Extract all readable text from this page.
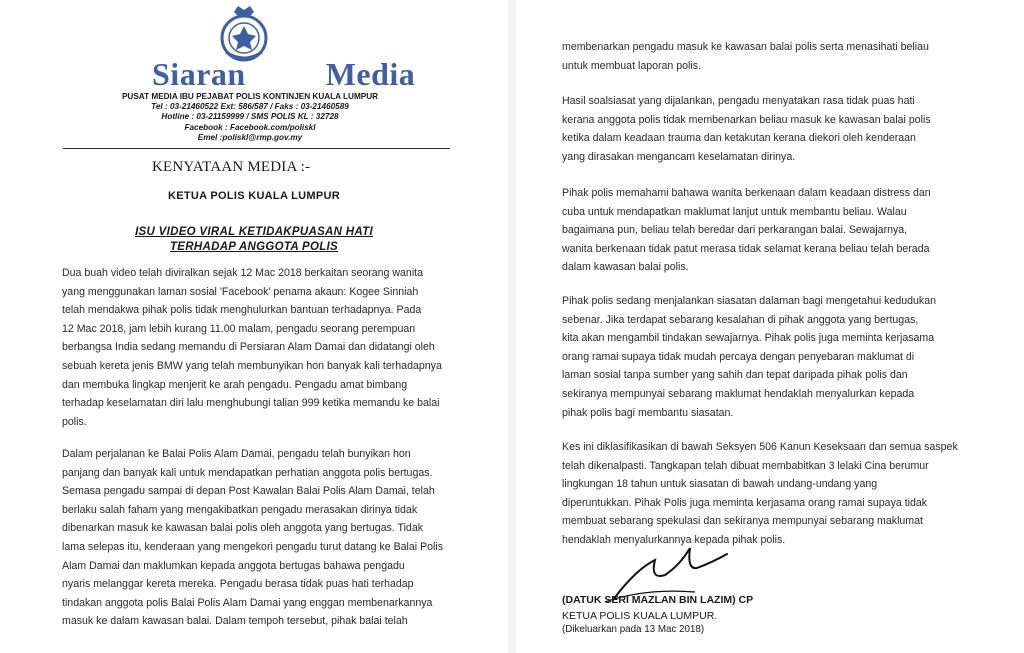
Siaran	Media
PUSAT MEDIA IBU PEJABAT POLIS KONTINJEN KUALA LUMPUR
Tel : 03-21460522 Ext: 586/587 / Faks : 03-21460589
Hotline : 03-21159999 / SMS POLIS KL : 32728
Facebook : Facebook.com/poliskl
Emel :poliskl@rmp.gov.my
KENYATAAN MEDIA :-
KETUA POLIS KUALA LUMPUR
ISU VIDEO VIRAL KETIDAKPUASAN HATI
TERHADAP ANGGOTA POLIS
Dua buah video telah diviralkan sejak 12 Mac 2018 berkaitan seorang wanita
yang menggunakan laman sosial 'Facebook' penama akaun: Kogee Sinniah
telah mendakwa pihak polis tidak menghulurkan bantuan terhadapnya. Pada
12 Mac 2018, jam lebih kurang 11.00 malam, pengadu seorang perempuan
berbangsa India sedang memandu di Persiaran Alam Damai dan didatangi oleh
sebuah kereta jenis BMW yang telah membunyikan hon banyak kali terhadapnya
dan membuka lingkap menjerit ke arah pengadu. Pengadu amat bimbang
terhadap keselamatan diri lalu menghubungi talian 999 ketika memandu ke balai
polis.
Dalam perjalanan ke Balai Polis Alam Damai, pengadu telah bunyikan hon
panjang dan banyak kali untuk mendapatkan perhatian anggota polis bertugas.
Semasa pengadu sampai di depan Post Kawalan Balai Polis Alam Damai, telah
berlaku salah faham yang mengakibatkan pengadu merasakan dirinya tidak
dibenarkan masuk ke kawasan balai polis oleh anggota yang bertugas. Tidak
lama selepas itu, kenderaan yang mengekori pengadu turut datang ke Balai Polis
Alam Damai dan maklumkan kepada anggota bertugas bahawa pengadu
nyaris melanggar kereta mereka. Pengadu berasa tidak puas hati terhadap
tindakan anggota polis Balai Polis Alam Damai yang enggan membenarkannya
masuk ke dalam kawasan balai. Dalam tempoh tersebut, pihak balai telah
membenarkan pengadu masuk ke kawasan balai polis serta menasihati beliau
untuk membuat laporan polis.
Hasil soalsiasat yang dijalankan, pengadu menyatakan rasa tidak puas hati
kerana anggota polis tidak membenarkan beliau masuk ke kawasan balai polis
ketika dalam keadaan trauma dan ketakutan kerana diekori oleh kenderaan
yang dirasakan mengancam keselamatan dirinya.
Pihak polis memahami bahawa wanita berkenaan dalam keadaan distress dan
cuba untuk mendapatkan maklumat lanjut untuk membantu beliau. Walau
bagaimana pun, beliau telah beredar dari perkarangan balai. Sewajarnya,
wanita berkenaan tidak patut merasa tidak selamat kerana beliau telah berada
dalam kawasan balai polis.
Pihak polis sedang menjalankan siasatan dalaman bagi mengetahui kedudukan
sebenar. Jika terdapat sebarang kesalahan di pihak anggota yang bertugas,
kita akan mengambil tindakan sewajarnya. Pihak polis juga meminta kerjasama
orang ramai supaya tidak mudah percaya dengan penyebaran maklumat di
laman sosial tanpa sumber yang sahih dan tepat daripada pihak polis dan
sekiranya mempunyai sebarang maklumat hendaklah menyalurkan kepada
pihak polis bagi membantu siasatan.
Kes ini diklasifikasikan di bawah Seksyen 506 Kanun Keseksaan dan semua saspek
telah dikenalpasti. Tangkapan telah dibuat membabitkan 3 lelaki Cina berumur
lingkungan 18 tahun untuk siasatan di bawah undang-undang yang
diperuntukkan. Pihak Polis juga meminta kerjasama orang ramai supaya tidak
membuat sebarang spekulasi dan sekiranya mempunyai sebarang maklumat
hendaklah menyalurkannya kepada pihak polis.
(DATUK SERI MAZLAN BIN LAZIM) CP
KETUA POLIS KUALA LUMPUR.
(Dikeluarkan pada 13 Mac 2018)
